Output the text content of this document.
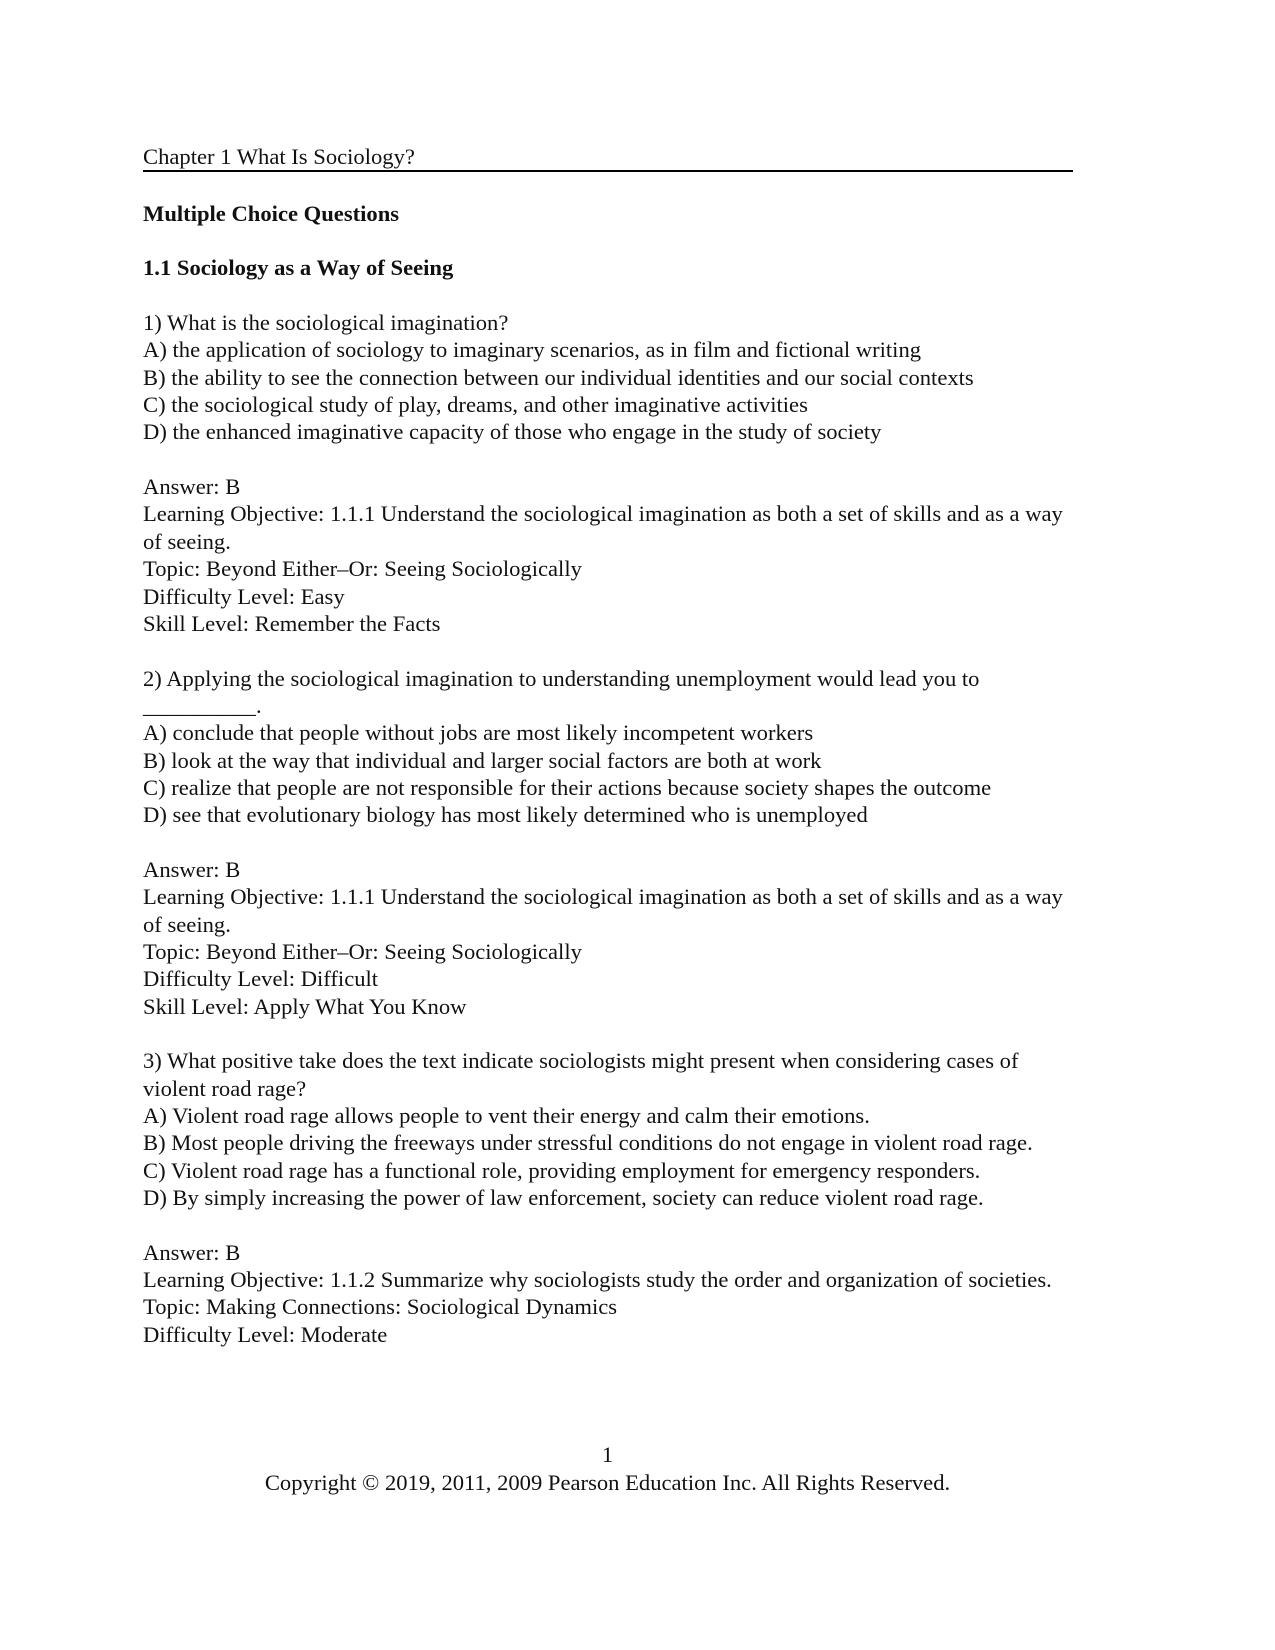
Chapter 1 What Is Sociology?
Multiple Choice Questions
1.1 Sociology as a Way of Seeing
1) What is the sociological imagination?
A) the application of sociology to imaginary scenarios, as in film and fictional writing
B) the ability to see the connection between our individual identities and our social contexts
C) the sociological study of play, dreams, and other imaginative activities
D) the enhanced imaginative capacity of those who engage in the study of society
Answer: B
Learning Objective: 1.1.1 Understand the sociological imagination as both a set of skills and as a way of seeing.
Topic: Beyond Either–Or: Seeing Sociologically
Difficulty Level: Easy
Skill Level: Remember the Facts
2) Applying the sociological imagination to understanding unemployment would lead you to __________.
A) conclude that people without jobs are most likely incompetent workers
B) look at the way that individual and larger social factors are both at work
C) realize that people are not responsible for their actions because society shapes the outcome
D) see that evolutionary biology has most likely determined who is unemployed
Answer: B
Learning Objective: 1.1.1 Understand the sociological imagination as both a set of skills and as a way of seeing.
Topic: Beyond Either–Or: Seeing Sociologically
Difficulty Level: Difficult
Skill Level: Apply What You Know
3) What positive take does the text indicate sociologists might present when considering cases of violent road rage?
A) Violent road rage allows people to vent their energy and calm their emotions.
B) Most people driving the freeways under stressful conditions do not engage in violent road rage.
C) Violent road rage has a functional role, providing employment for emergency responders.
D) By simply increasing the power of law enforcement, society can reduce violent road rage.
Answer: B
Learning Objective: 1.1.2 Summarize why sociologists study the order and organization of societies.
Topic: Making Connections: Sociological Dynamics
Difficulty Level: Moderate
1
Copyright © 2019, 2011, 2009 Pearson Education Inc. All Rights Reserved.
